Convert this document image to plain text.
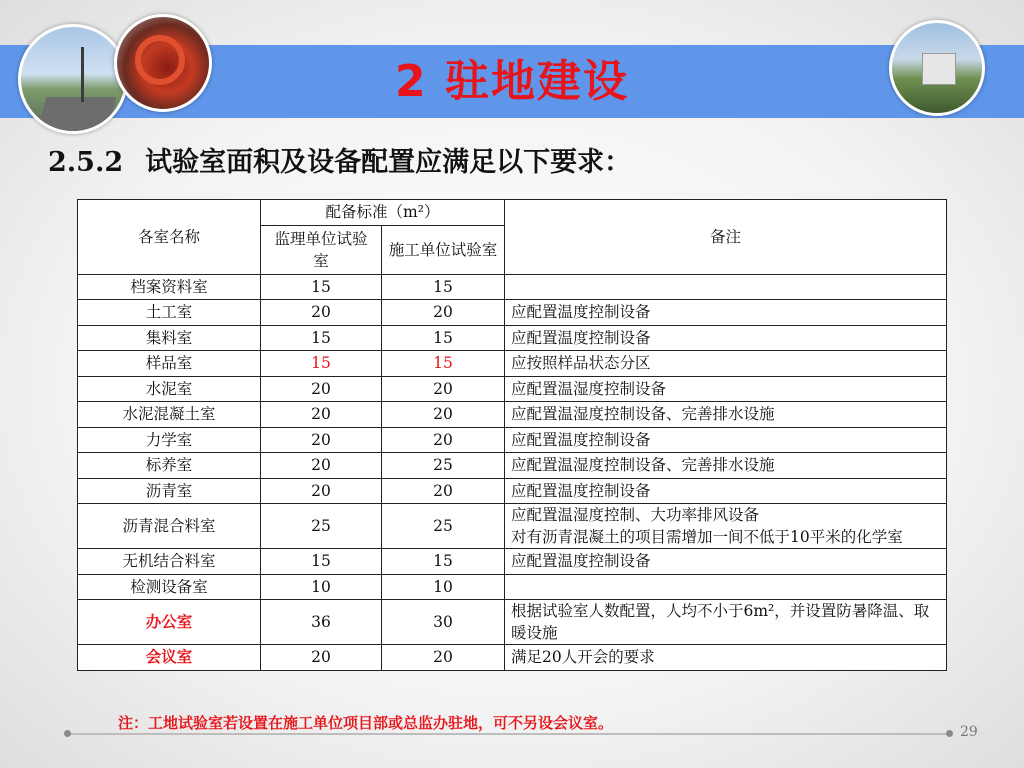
2 驻地建设
2.5.2 试验室面积及设备配置应满足以下要求：
各室名称	配备标准（m²）		备注
	监理单位试验室	施工单位试验室	
档案资料室	15	15	
土工室	20	20	应配置温度控制设备
集料室	15	15	应配置温度控制设备
样品室	15	15	应按照样品状态分区
水泥室	20	20	应配置温湿度控制设备
水泥混凝土室	20	20	应配置温湿度控制设备、完善排水设施
力学室	20	20	应配置温度控制设备
标养室	20	25	应配置温湿度控制设备、完善排水设施
沥青室	20	20	应配置温度控制设备
沥青混合料室	25	25	应配置温湿度控制、大功率排风设备
对有沥青混凝土的项目需增加一间不低于10平米的化学室

无机结合料室	15	15	应配置温度控制设备
检测设备室	10	10	
办公室	36	30	根据试验室人数配置，人均不小于6m²，并设置防暑降温、取暖设施
会议室	20	20	满足20人开会的要求
注：工地试验室若设置在施工单位项目部或总监办驻地，可不另设会议室。	29
